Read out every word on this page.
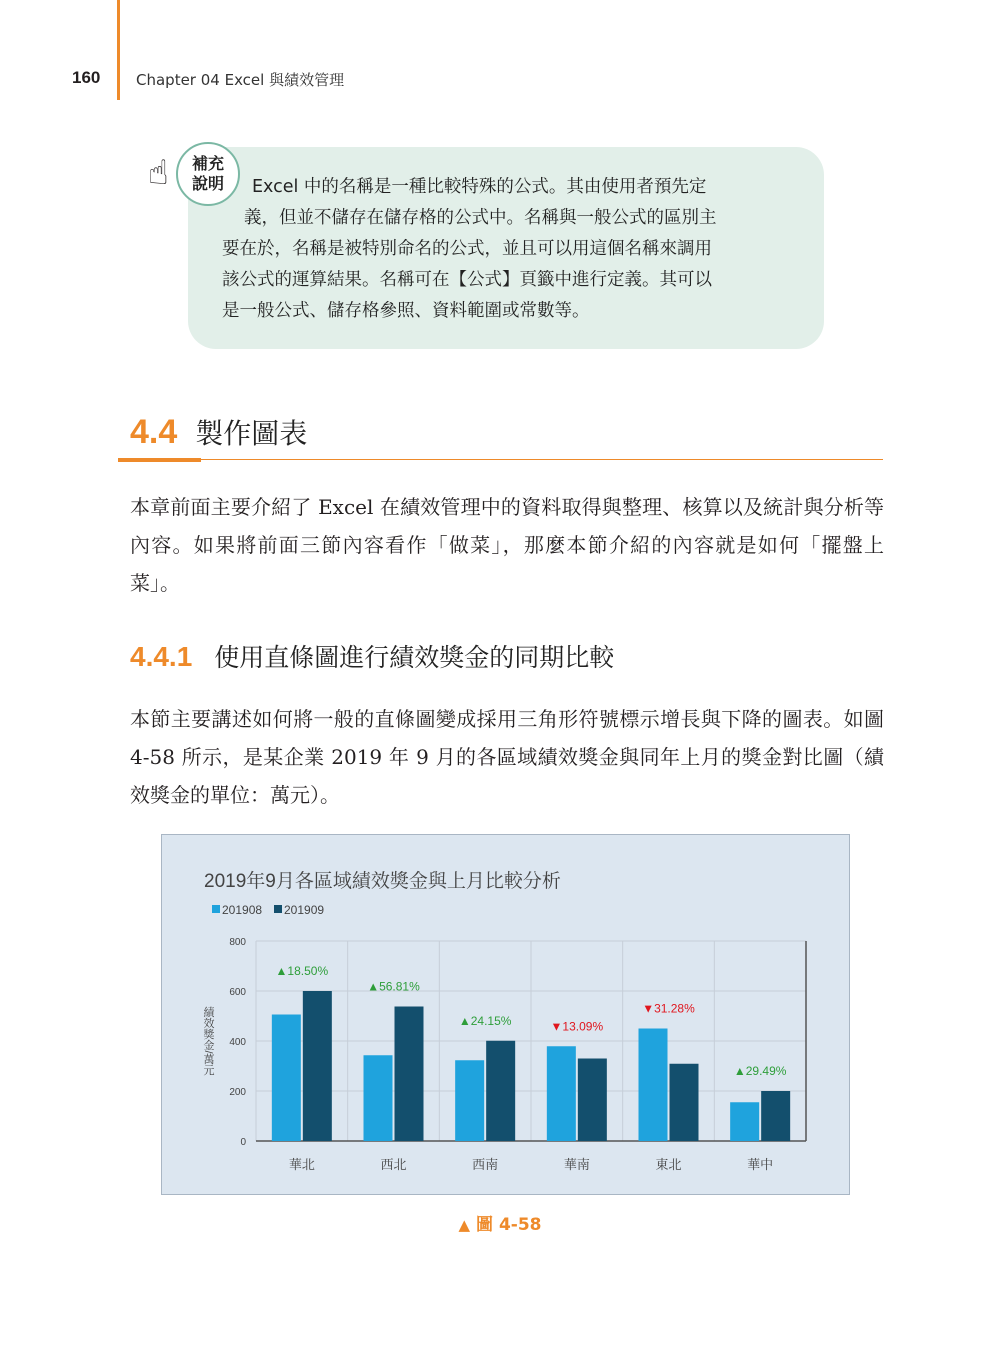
160 Chapter 04 Excel 與績效管理
☝	補充
說明	Excel 中的名稱是一種比較特殊的公式。其由使用者預先定
義，但並不儲存在儲存格的公式中。名稱與一般公式的區別主
要在於，名稱是被特別命名的公式，並且可以用這個名稱來調用
該公式的運算結果。名稱可在【公式】頁籤中進行定義。其可以
是一般公式、儲存格參照、資料範圍或常數等。
4.4 製作圖表
本章前面主要介紹了 Excel 在績效管理中的資料取得與整理、核算以及統計與分析等內容。如果將前面三節內容看作「做菜」，那麼本節介紹的內容就是如何「擺盤上菜」。
4.4.1 使用直條圖進行績效獎金的同期比較
本節主要講述如何將一般的直條圖變成採用三角形符號標示增長與下降的圖表。如圖 4-58 所示，是某企業 2019 年 9 月的各區域績效獎金與同年上月的獎金對比圖（績效獎金的單位：萬元）。
2019年9月各區域績效獎金與上月比較分析
201908 201909
0
200
400
600
800
績效獎金/萬元
華北
▲18.50%
西北
▲56.81%
西南
▲24.15%
華南
▼13.09%
東北
▼31.28%
華中
▲29.49%
▲ 圖 4-58
